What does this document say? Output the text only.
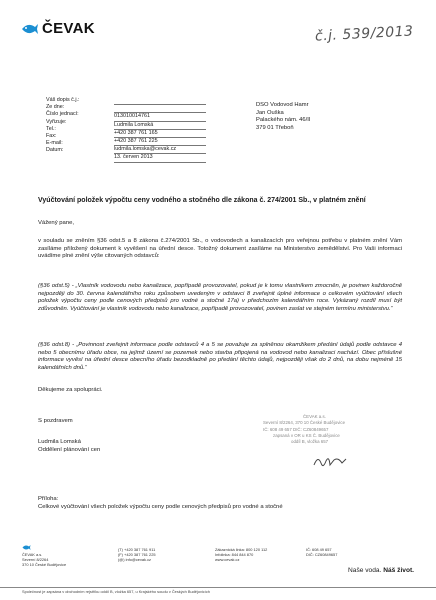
ČEVAK	č.j. 539/2013
Váš dopis č.j.:
Ze dne:
Číslo jednací:
Vyřizuje:
Tel.:
Fax:
E-mail:
Datum:

013010014761
Ludmila Lomská
+420 387 761 165
+420 387 761 225
ludmila.lomska@cevak.cz
13. červen 2013
DSO Vodovod Hamr
Jan Ouška
Palackého nám. 46/II
379 01 Třeboň
Vyúčtování položek výpočtu ceny vodného a stočného dle zákona č. 274/2001 Sb., v platném znění
Vážený pane,
v souladu se zněním §36 odst.5 a 8 zákona č.274/2001 Sb., o vodovodech a kanalizacích pro veřejnou potřebu v platném znění Vám zasíláme přiložený dokument k vyvěšení na úřední desce. Totožný dokument zasíláme na Ministerstvo zemědělství. Pro Vaši informaci uvádíme plné znění výše citovaných odstavců:
(§36 odst.5) - „Vlastník vodovodu nebo kanalizace, popřípadě provozovatel, pokud je k tomu vlastníkem zmocněn, je povinen každoročně nejpozději do 30. června kalendářního roku způsobem uvedeným v odstavci 8 zveřejnit úplné informace o celkovém vyúčtování všech položek výpočtu ceny podle cenových předpisů pro vodné a stočné 17a) v předchozím kalendářním roce. Vykázaný rozdíl musí být zdůvodněn. Vyúčtování je vlastník vodovodu nebo kanalizace, popřípadě provozovatel, povinen zaslat ve stejném termínu ministerstvu.“
(§36 odst.8) - „Povinnost zveřejnit informace podle odstavců 4 a 5 se považuje za splněnou okamžikem předání údajů podle odstavce 4 nebo 5 obecnímu úřadu obce, na jejímž území se pozemek nebo stavba připojená na vodovod nebo kanalizaci nachází. Obec příslušné informace vyvěsí na úřední desce obecního úřadu bezodkladně po předání těchto údajů, nejpozději však do 2 dnů, na dobu nejméně 15 kalendářních dnů.“
Děkujeme za spolupráci.
S pozdravem
Ludmila Lomská
Oddělení plánování cen
ČEVAK a.s.
Severní 8/2264, 370 10 České Budějovice
IČ: 608 49 657 DIČ: CZ60849657
zapsaná v OR u KS Č. Budějovice
oddíl B, vložka 657
Příloha:
Celkové vyúčtování všech položek výpočtu ceny podle cenových předpisů pro vodné a stočné
ČEVAK a.s.
Severní 8/2264
370 10 České Budějovice
(T) +420 387 761 911
(F) +420 387 761 225
(@) info@cevak.cz
Zákaznická linka: 800 120 112
Infolinka: 844 844 870
www.cevak.cz
IČ: 608 49 657
DIČ: CZ60849657
Naše voda. Náš život.
Společnost je zapsána v obchodním rejstříku oddíl B, vložka 657, u Krajského soudu v Českých Budějovicích
